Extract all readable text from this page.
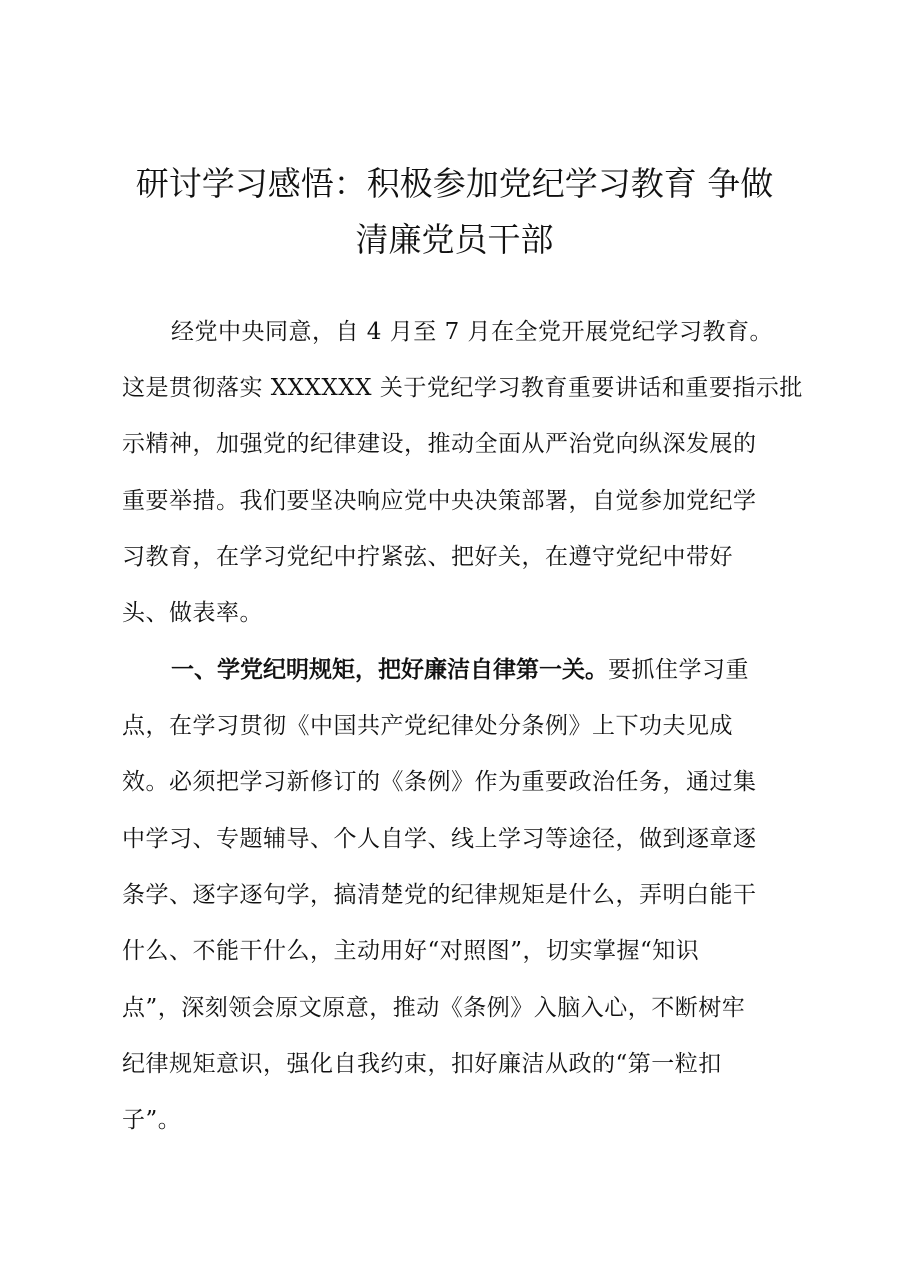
研讨学习感悟：积极参加党纪学习教育 争做
清廉党员干部
经党中央同意，自 4 月至 7 月在全党开展党纪学习教育。
这是贯彻落实 XXXXXX 关于党纪学习教育重要讲话和重要指示批
示精神，加强党的纪律建设，推动全面从严治党向纵深发展的
重要举措。我们要坚决响应党中央决策部署，自觉参加党纪学
习教育，在学习党纪中拧紧弦、把好关，在遵守党纪中带好
头、做表率。
一、学党纪明规矩，把好廉洁自律第一关。要抓住学习重
点，在学习贯彻《中国共产党纪律处分条例》上下功夫见成
效。必须把学习新修订的《条例》作为重要政治任务，通过集
中学习、专题辅导、个人自学、线上学习等途径，做到逐章逐
条学、逐字逐句学，搞清楚党的纪律规矩是什么，弄明白能干
什么、不能干什么，主动用好“对照图”，切实掌握“知识
点”，深刻领会原文原意，推动《条例》入脑入心，不断树牢
纪律规矩意识，强化自我约束，扣好廉洁从政的“第一粒扣
子”。
